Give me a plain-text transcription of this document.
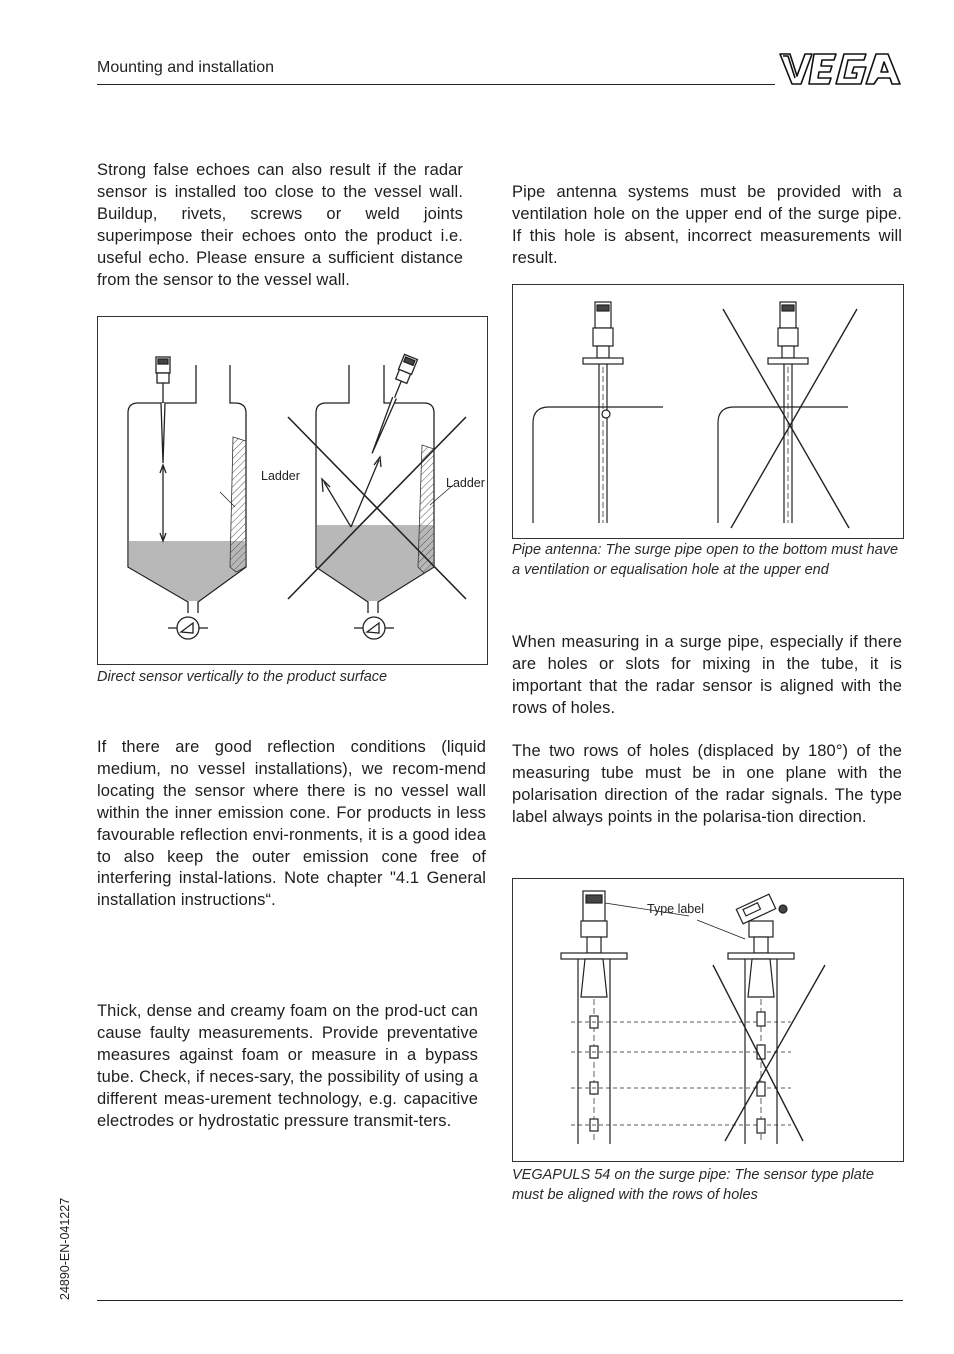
Mounting and installation

Strong false echoes can also result if the radar sensor is installed too close to the vessel wall. Buildup, rivets, screws or weld joints superimpose their echoes onto the product i.e. useful echo. Please ensure a sufficient distance from the sensor to the vessel wall.

Ladder	Ladder

Direct sensor vertically to the product surface

If there are good reflection conditions (liquid medium, no vessel installations), we recom-mend locating the sensor where there is no vessel wall within the inner emission cone. For products in less favourable reflection envi-ronments, it is a good idea to also keep the outer emission cone free of interfering instal-lations. Note chapter "4.1 General installation instructions“.

Thick, dense and creamy foam on the prod-uct can cause faulty measurements. Provide preventative measures against foam or measure in a bypass tube. Check, if neces-sary, the possibility of using a different meas-urement technology, e.g. capacitive electrodes or hydrostatic pressure transmit-ters.

Pipe antenna systems must be provided with a ventilation hole on the upper end of the surge pipe. If this hole is absent, incorrect measurements will result.

Pipe antenna: The surge pipe open to the bottom must have a ventilation or equalisation hole at the upper end

When measuring in a surge pipe, especially if there are holes or slots for mixing in the tube, it is important that the radar sensor is aligned with the rows of holes.

The two rows of holes (displaced by 180°) of the measuring tube must be in one plane with the polarisation direction of the radar signals. The type label always points in the polarisa-tion direction.

Type label

VEGAPULS 54 on the surge pipe: The sensor type plate must be aligned with the rows of holes

24890-EN-041227
